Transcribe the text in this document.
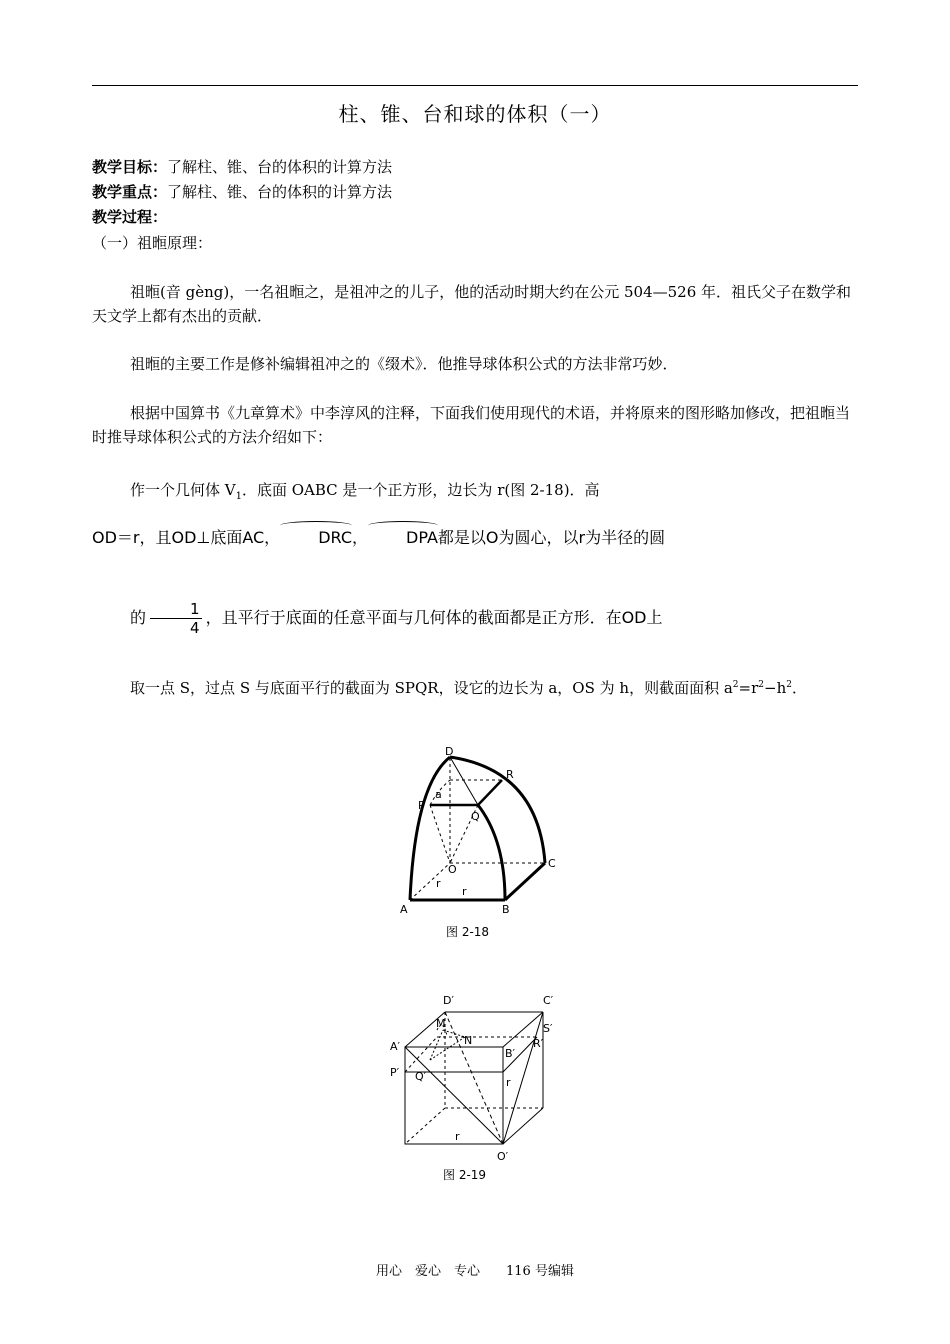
柱、锥、台和球的体积（一）
教学目标：了解柱、锥、台的体积的计算方法
教学重点：了解柱、锥、台的体积的计算方法
教学过程：
（一）祖暅原理：
祖暅(音 gèng)，一名祖暅之，是祖冲之的儿子，他的活动时期大约在公元 504—526 年．祖氏父子在数学和天文学上都有杰出的贡献．
祖暅的主要工作是修补编辑祖冲之的《缀术》．他推导球体积公式的方法非常巧妙．
根据中国算书《九章算术》中李淳风的注释，下面我们使用现代的术语，并将原来的图形略加修改，把祖暅当时推导球体积公式的方法介绍如下：
作一个几何体 $V_1$．底面 OABC 是一个正方形，边长为 r(图 2-18)．高
OD＝r，且OD⊥底面AC， DRC， DPA都是以O为圆心，以r为半径的圆
的 $\frac{1}{4}$ ，且平行于底面的任意平面与几何体的截面都是正方形．在OD上
取一点 S，过点 S 与底面平行的截面为 SPQR，设它的边长为 a，OS 为 h，则截面面积 $a^2=r^2-h^2$．
D
R
P
a
Q
O	C
r
r
A	B
图 2-18
D′	C′
M	S′
N
A′
B′
R′
P′ Q′	r
r
O′
图 2-19
用心　爱心　专心　　116 号编辑
